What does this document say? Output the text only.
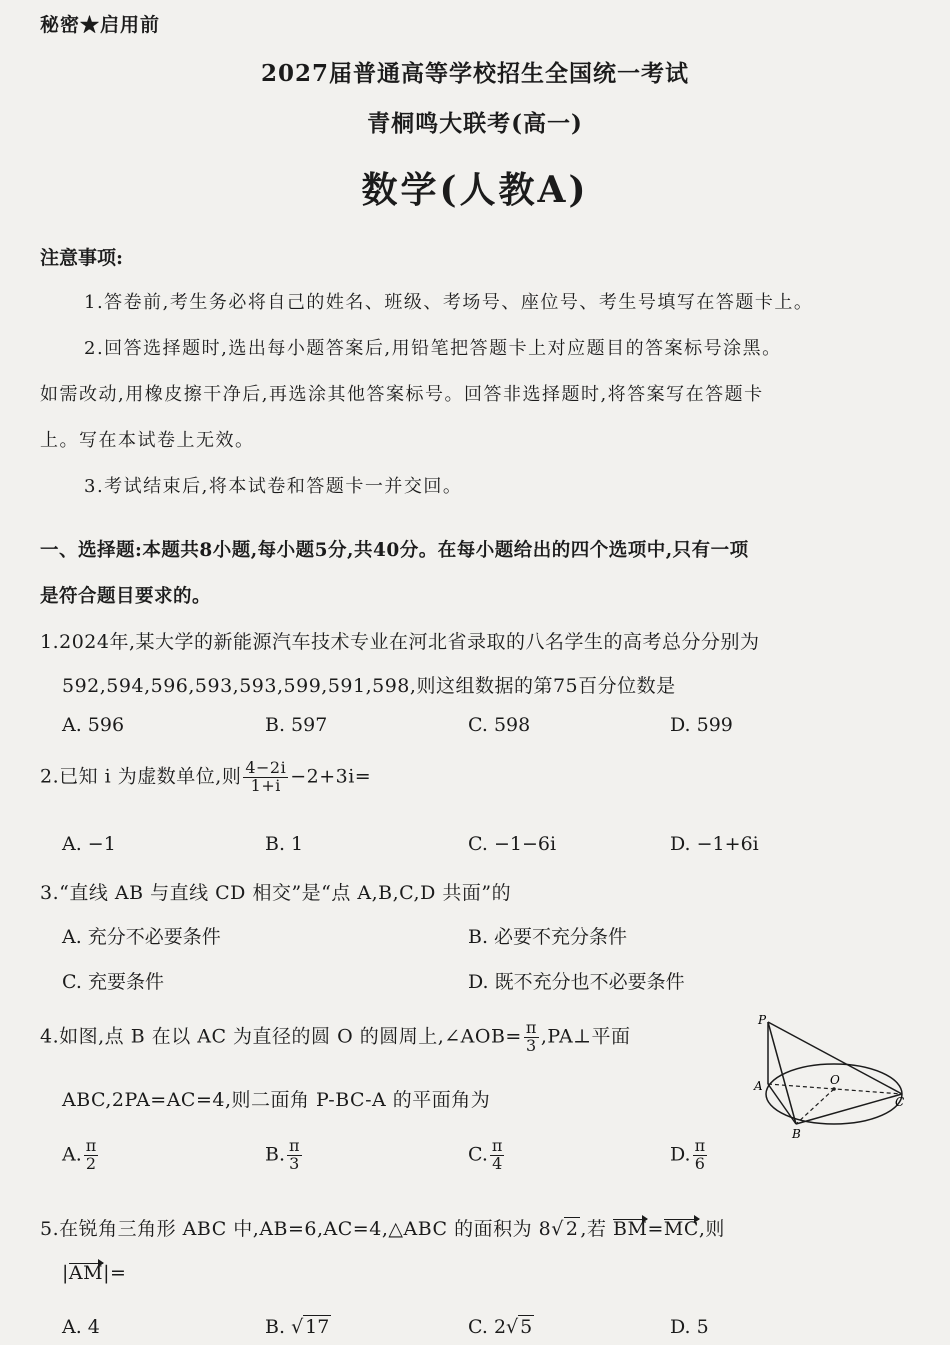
秘密★启用前
2027届普通高等学校招生全国统一考试
青桐鸣大联考(高一)
数学(人教A)
注意事项:
1.答卷前,考生务必将自己的姓名、班级、考场号、座位号、考生号填写在答题卡上。
2.回答选择题时,选出每小题答案后,用铅笔把答题卡上对应题目的答案标号涂黑。
如需改动,用橡皮擦干净后,再选涂其他答案标号。回答非选择题时,将答案写在答题卡
上。写在本试卷上无效。
3.考试结束后,将本试卷和答题卡一并交回。
一、选择题:本题共8小题,每小题5分,共40分。在每小题给出的四个选项中,只有一项
是符合题目要求的。
1.2024年,某大学的新能源汽车技术专业在河北省录取的八名学生的高考总分分别为
592,594,596,593,593,599,591,598,则这组数据的第75百分位数是
A. 596	B. 597	C. 598	D. 599
2.已知 i 为虚数单位,则 $\frac{4-2i}{1+i} -2+3i=$
A. −1	B. 1	C. −1−6i	D. −1+6i
3.“直线 AB 与直线 CD 相交”是“点 A,B,C,D 共面”的
A. 充分不必要条件	B. 必要不充分条件
C. 充要条件	D. 既不充分也不必要条件
4.如图,点 B 在以 AC 为直径的圆 O 的圆周上,∠AOB= $\frac{\pi}{3}$ ,PA⊥平面
ABC,2PA=AC=4,则二面角 P-BC-A 的平面角为
A. $\frac{\pi}{2}$	B. $\frac{\pi}{3}$	C. $\frac{\pi}{4}$	D. $\frac{\pi}{6}$
P
A	O
B
C
5.在锐角三角形 ABC 中,AB=6,AC=4,△ABC 的面积为 8√ 2 ,若 BM=MC,则
|AM|=
A. 4	B. √ 17	C. 2√ 5	D. 5
